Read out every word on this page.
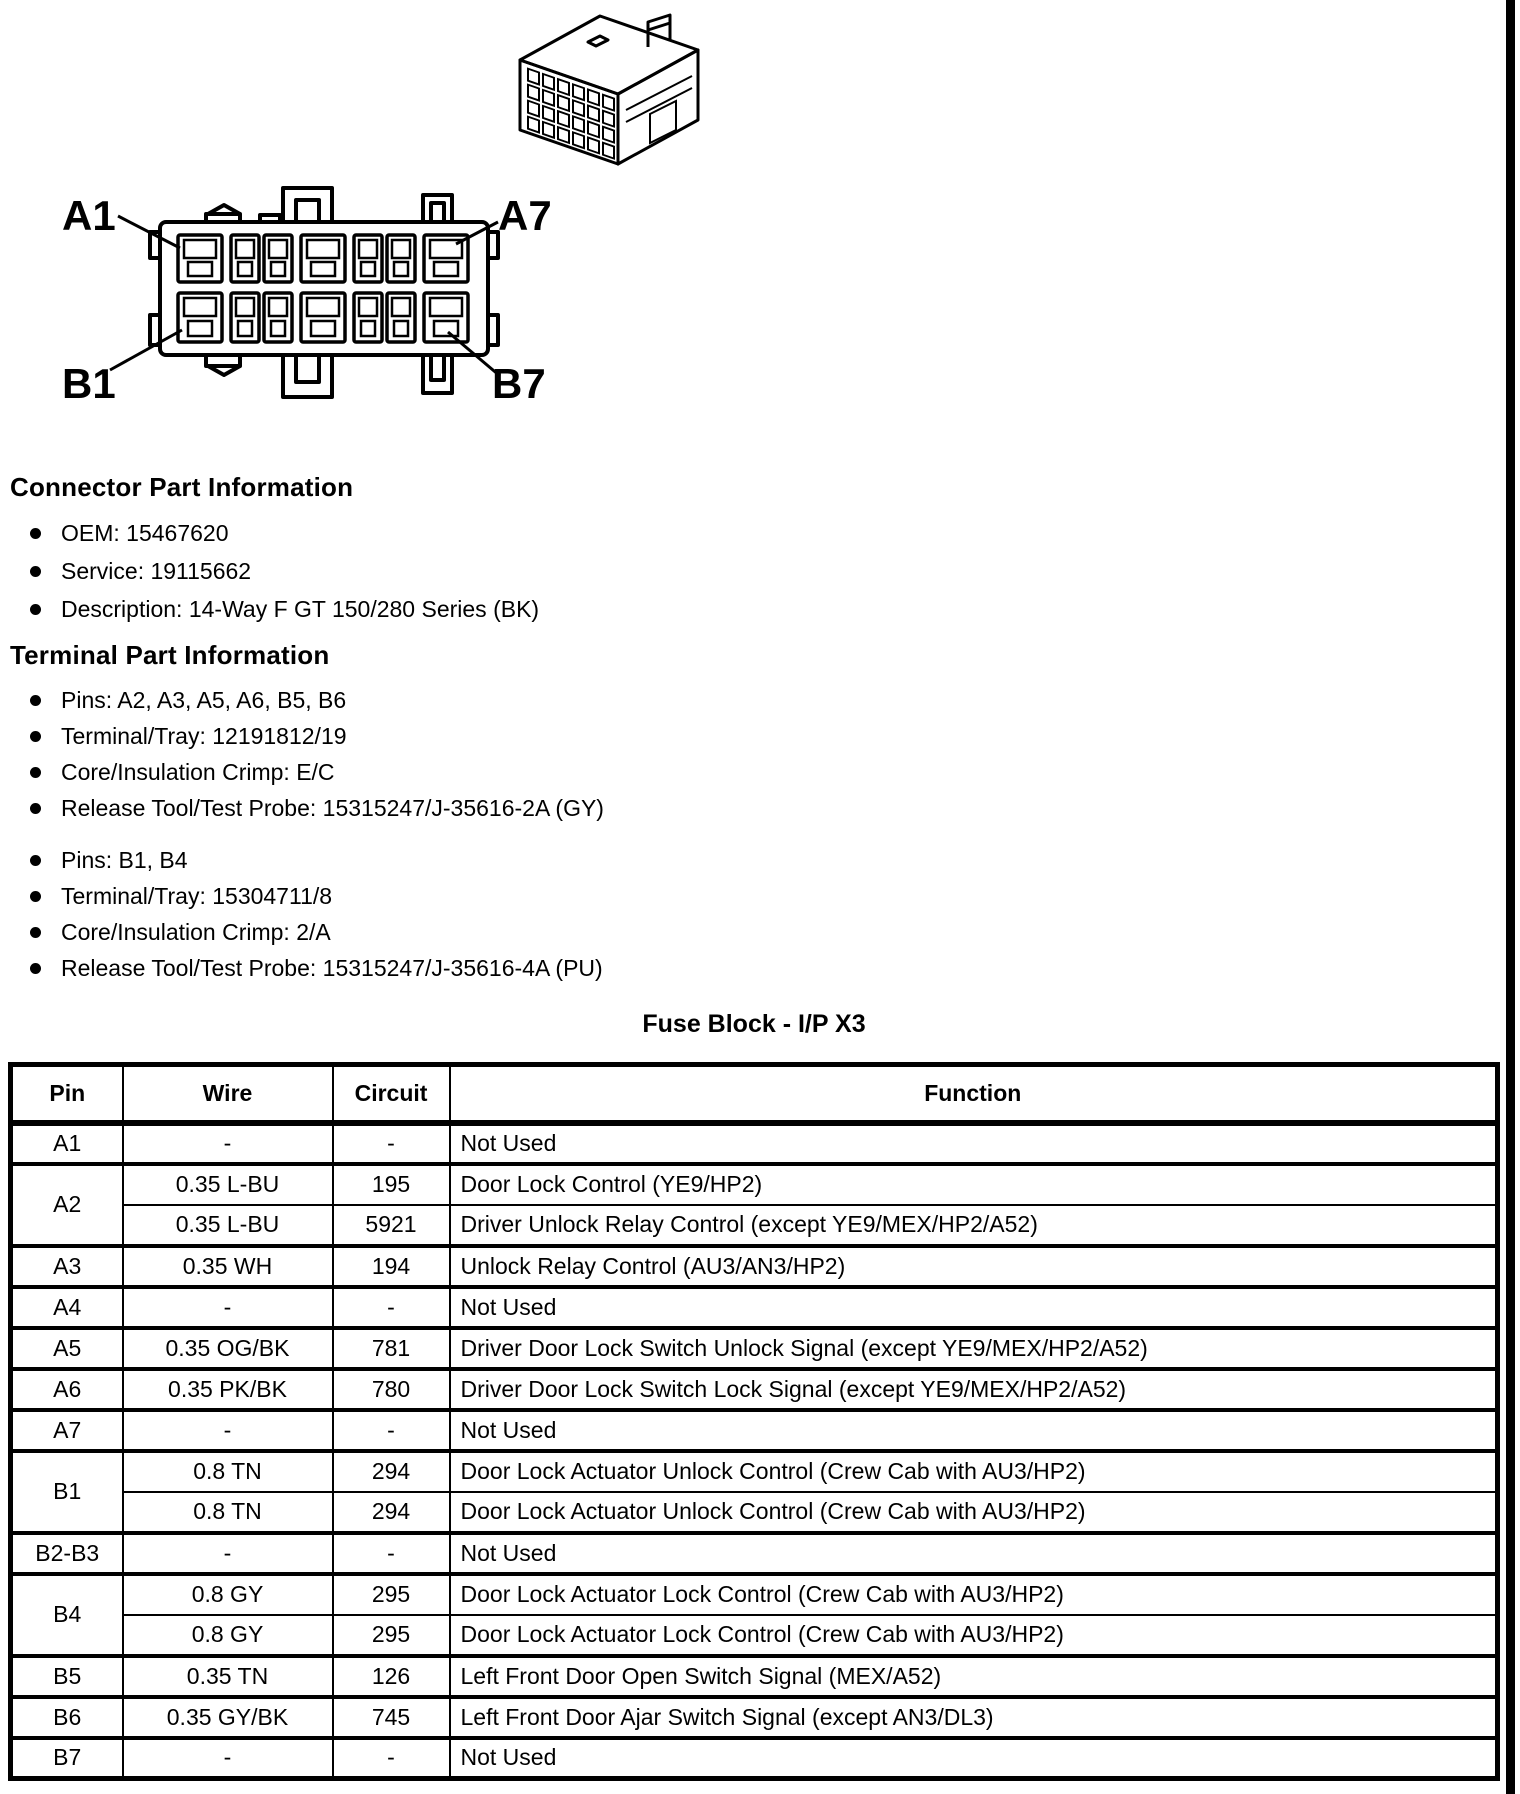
A1	A7
B1	B7
Connector Part Information
OEM: 15467620
Service: 19115662
Description: 14-Way F GT 150/280 Series (BK)
Terminal Part Information
Pins: A2, A3, A5, A6, B5, B6
Terminal/Tray: 12191812/19
Core/Insulation Crimp: E/C
Release Tool/Test Probe: 15315247/J-35616-2A (GY)
Pins: B1, B4
Terminal/Tray: 15304711/8
Core/Insulation Crimp: 2/A
Release Tool/Test Probe: 15315247/J-35616-4A (PU)
Fuse Block - I/P X3
Pin	Wire	Circuit	Function
A1	-	-	Not Used
A2	0.35 L-BU	195	Door Lock Control (YE9/HP2)
	0.35 L-BU	5921	Driver Unlock Relay Control (except YE9/MEX/HP2/A52)
A3	0.35 WH	194	Unlock Relay Control (AU3/AN3/HP2)
A4	-	-	Not Used
A5	0.35 OG/BK	781	Driver Door Lock Switch Unlock Signal (except YE9/MEX/HP2/A52)
A6	0.35 PK/BK	780	Driver Door Lock Switch Lock Signal (except YE9/MEX/HP2/A52)
A7	-	-	Not Used
B1	0.8 TN	294	Door Lock Actuator Unlock Control (Crew Cab with AU3/HP2)
	0.8 TN	294	Door Lock Actuator Unlock Control (Crew Cab with AU3/HP2)
B2-B3	-	-	Not Used
B4	0.8 GY	295	Door Lock Actuator Lock Control (Crew Cab with AU3/HP2)
	0.8 GY	295	Door Lock Actuator Lock Control (Crew Cab with AU3/HP2)
B5	0.35 TN	126	Left Front Door Open Switch Signal (MEX/A52)
B6	0.35 GY/BK	745	Left Front Door Ajar Switch Signal (except AN3/DL3)
B7	-	-	Not Used
